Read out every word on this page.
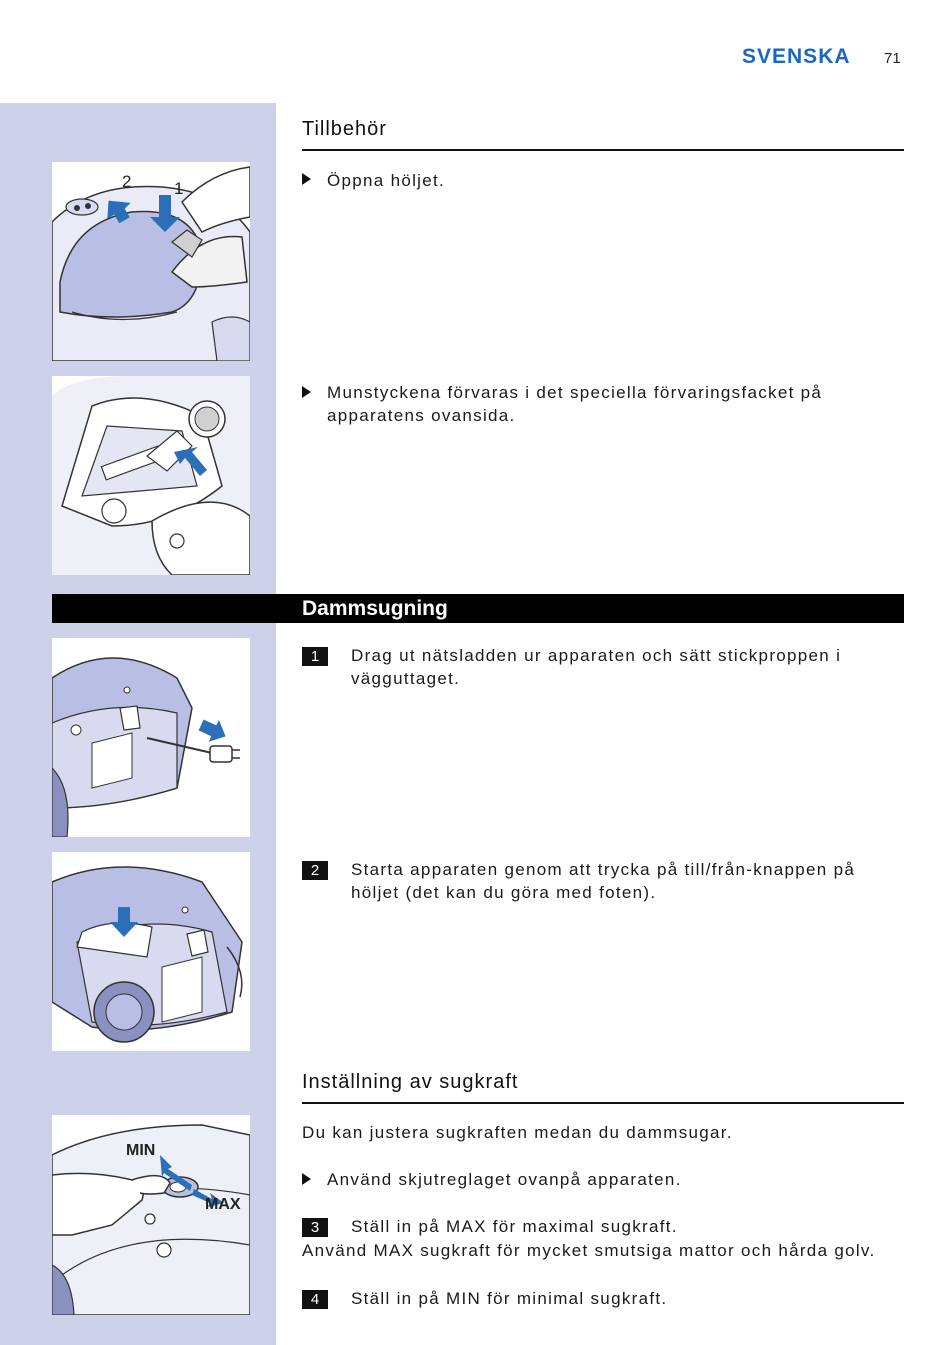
SVENSKA 71
Tillbehör
Öppna höljet.
Munstyckena förvaras i det speciella förvaringsfacket på apparatens ovansida.
Dammsugning
1	Drag ut nätsladden ur apparaten och sätt stickproppen i vägguttaget.
2	Starta apparaten genom att trycka på till/från-knappen på höljet (det kan du göra med foten).
Inställning av sugkraft
Du kan justera sugkraften medan du dammsugar.
Använd skjutreglaget ovanpå apparaten.
3	Ställ in på MAX för maximal sugkraft.
Använd MAX sugkraft för mycket smutsiga mattor och hårda golv.
4	Ställ in på MIN för minimal sugkraft.
2	1
MIN
MAX
